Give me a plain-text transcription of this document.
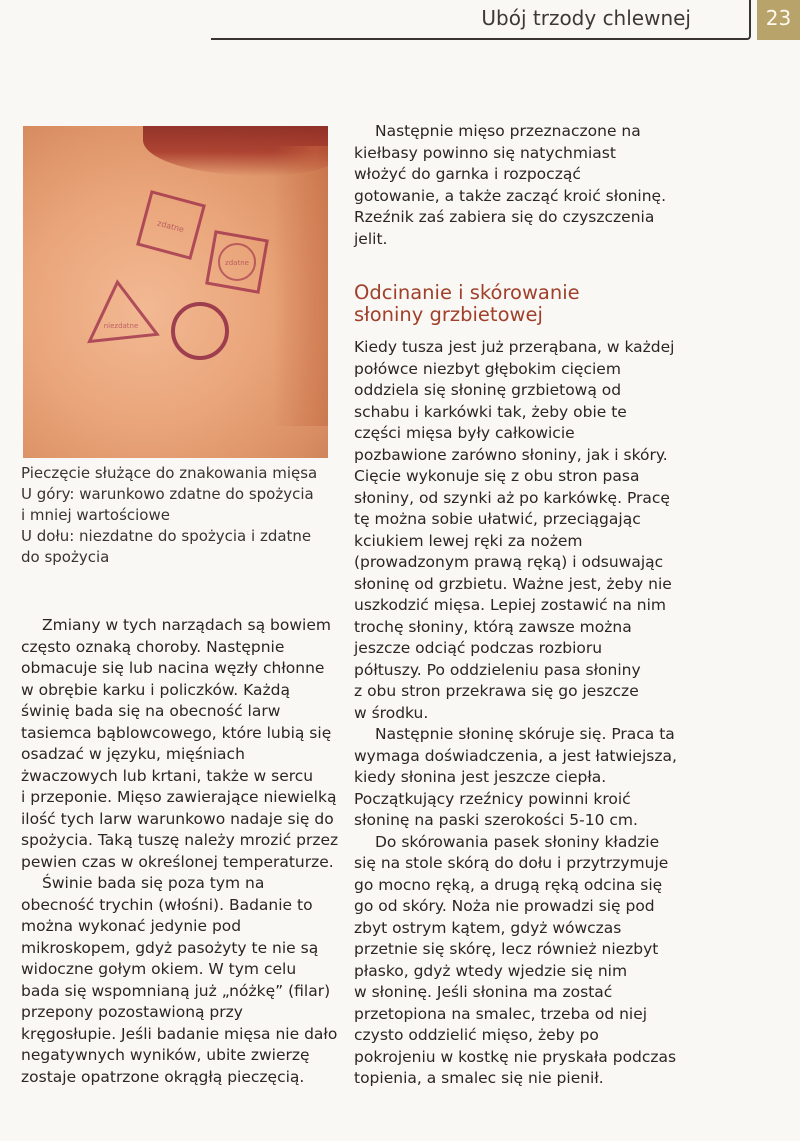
Ubój trzody chlewnej	23
zdatne
zdatne
niezdatne
Pieczęcie służące do znakowania mięsa
U góry: warunkowo zdatne do spożycia
i mniej wartościowe
U dołu: niezdatne do spożycia i zdatne
do spożycia
Zmiany w tych narządach są bowiem
często oznaką choroby. Następnie
obmacuje się lub nacina węzły chłonne
w obrębie karku i policzków. Każdą
świnię bada się na obecność larw
tasiemca bąblowcowego, które lubią się
osadzać w języku, mięśniach
żwaczowych lub krtani, także w sercu
i przeponie. Mięso zawierające niewielką
ilość tych larw warunkowo nadaje się do
spożycia. Taką tuszę należy mrozić przez
pewien czas w określonej temperaturze.
Świnie bada się poza tym na
obecność trychin (włośni). Badanie to
można wykonać jedynie pod
mikroskopem, gdyż pasożyty te nie są
widoczne gołym okiem. W tym celu
bada się wspomnianą już „nóżkę” (filar)
przepony pozostawioną przy
kręgosłupie. Jeśli badanie mięsa nie dało
negatywnych wyników, ubite zwierzę
zostaje opatrzone okrągłą pieczęcią.
Następnie mięso przeznaczone na
kiełbasy powinno się natychmiast
włożyć do garnka i rozpocząć
gotowanie, a także zacząć kroić słoninę.
Rzeźnik zaś zabiera się do czyszczenia
jelit.
Odcinanie i skórowanie
słoniny grzbietowej
Kiedy tusza jest już przerąbana, w każdej
połówce niezbyt głębokim cięciem
oddziela się słoninę grzbietową od
schabu i karkówki tak, żeby obie te
części mięsa były całkowicie
pozbawione zarówno słoniny, jak i skóry.
Cięcie wykonuje się z obu stron pasa
słoniny, od szynki aż po karkówkę. Pracę
tę można sobie ułatwić, przeciągając
kciukiem lewej ręki za nożem
(prowadzonym prawą ręką) i odsuwając
słoninę od grzbietu. Ważne jest, żeby nie
uszkodzić mięsa. Lepiej zostawić na nim
trochę słoniny, którą zawsze można
jeszcze odciąć podczas rozbioru
półtuszy. Po oddzieleniu pasa słoniny
z obu stron przekrawa się go jeszcze
w środku.
Następnie słoninę skóruje się. Praca ta
wymaga doświadczenia, a jest łatwiejsza,
kiedy słonina jest jeszcze ciepła.
Początkujący rzeźnicy powinni kroić
słoninę na paski szerokości 5-10 cm.
Do skórowania pasek słoniny kładzie
się na stole skórą do dołu i przytrzymuje
go mocno ręką, a drugą ręką odcina się
go od skóry. Noża nie prowadzi się pod
zbyt ostrym kątem, gdyż wówczas
przetnie się skórę, lecz również niezbyt
płasko, gdyż wtedy wjedzie się nim
w słoninę. Jeśli słonina ma zostać
przetopiona na smalec, trzeba od niej
czysto oddzielić mięso, żeby po
pokrojeniu w kostkę nie pryskała podczas
topienia, a smalec się nie pienił.
